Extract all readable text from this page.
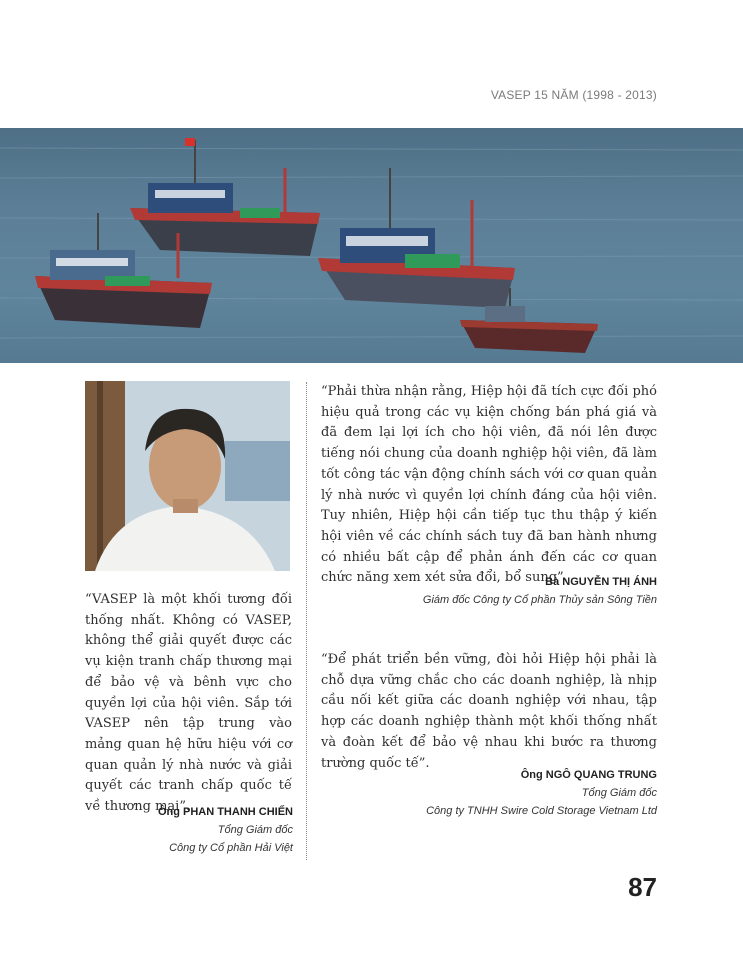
VASEP 15 NĂM (1998 - 2013)
“VASEP là một khối tương đối thống nhất. Không có VASEP, không thể giải quyết được các vụ kiện tranh chấp thương mại để bảo vệ và bênh vực cho quyền lợi của hội viên. Sắp tới VASEP nên tập trung vào mảng quan hệ hữu hiệu với cơ quan quản lý nhà nước và giải quyết các tranh chấp quốc tế về thương mại”.
Ông PHAN THANH CHIẾN
Tổng Giám đốc
Công ty Cổ phần Hải Việt
“Phải thừa nhận rằng, Hiệp hội đã tích cực đối phó hiệu quả trong các vụ kiện chống bán phá giá và đã đem lại lợi ích cho hội viên, đã nói lên được tiếng nói chung của doanh nghiệp hội viên, đã làm tốt công tác vận động chính sách với cơ quan quản lý nhà nước vì quyền lợi chính đáng của hội viên. Tuy nhiên, Hiệp hội cần tiếp tục thu thập ý kiến hội viên về các chính sách tuy đã ban hành nhưng có nhiều bất cập để phản ánh đến các cơ quan chức năng xem xét sửa đổi, bổ sung”.
Bà NGUYỄN THỊ ÁNH
Giám đốc Công ty Cổ phần Thủy sản Sông Tiền
“Để phát triển bền vững, đòi hỏi Hiệp hội phải là chỗ dựa vững chắc cho các doanh nghiệp, là nhịp cầu nối kết giữa các doanh nghiệp với nhau, tập hợp các doanh nghiệp thành một khối thống nhất và đoàn kết để bảo vệ nhau khi bước ra thương trường quốc tế”.
Ông NGÔ QUANG TRUNG
Tổng Giám đốc
Công ty TNHH Swire Cold Storage Vietnam Ltd
87
